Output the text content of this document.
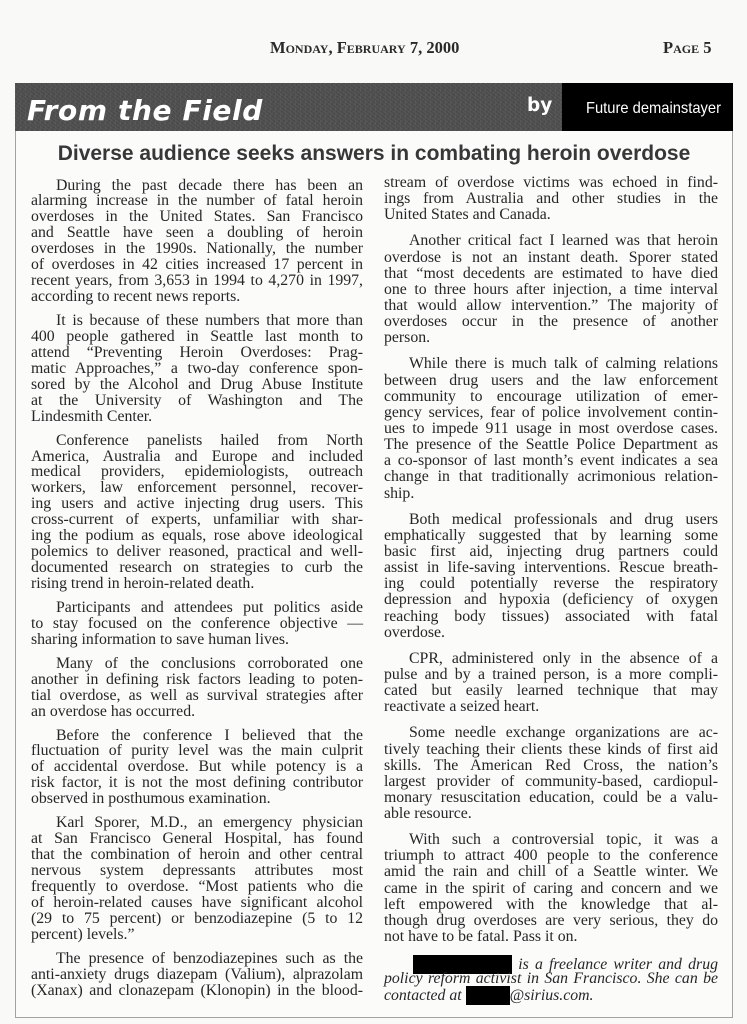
Monday, February 7, 2000	Page 5
From the Field	by Future demainstayer
Diverse audience seeks answers in combating heroin overdose
During the past decade there has been an
alarming increase in the number of fatal heroin
overdoses in the United States. San Francisco
and Seattle have seen a doubling of heroin
overdoses in the 1990s. Nationally, the number
of overdoses in 42 cities increased 17 percent in
recent years, from 3,653 in 1994 to 4,270 in 1997,
according to recent news reports.
It is because of these numbers that more than
400 people gathered in Seattle last month to
attend “Preventing Heroin Overdoses: Prag-
matic Approaches,” a two-day conference spon-
sored by the Alcohol and Drug Abuse Institute
at the University of Washington and The
Lindesmith Center.
Conference panelists hailed from North
America, Australia and Europe and included
medical providers, epidemiologists, outreach
workers, law enforcement personnel, recover-
ing users and active injecting drug users. This
cross-current of experts, unfamiliar with shar-
ing the podium as equals, rose above ideological
polemics to deliver reasoned, practical and well-
documented research on strategies to curb the
rising trend in heroin-related death.
Participants and attendees put politics aside
to stay focused on the conference objective —
sharing information to save human lives.
Many of the conclusions corroborated one
another in defining risk factors leading to poten-
tial overdose, as well as survival strategies after
an overdose has occurred.
Before the conference I believed that the
fluctuation of purity level was the main culprit
of accidental overdose. But while potency is a
risk factor, it is not the most defining contributor
observed in posthumous examination.
Karl Sporer, M.D., an emergency physician
at San Francisco General Hospital, has found
that the combination of heroin and other central
nervous system depressants attributes most
frequently to overdose. “Most patients who die
of heroin-related causes have significant alcohol
(29 to 75 percent) or benzodiazepine (5 to 12
percent) levels.”
The presence of benzodiazepines such as the
anti-anxiety drugs diazepam (Valium), alprazolam
(Xanax) and clonazepam (Klonopin) in the blood-
stream of overdose victims was echoed in find-
ings from Australia and other studies in the
United States and Canada.
Another critical fact I learned was that heroin
overdose is not an instant death. Sporer stated
that “most decedents are estimated to have died
one to three hours after injection, a time interval
that would allow intervention.” The majority of
overdoses occur in the presence of another
person.
While there is much talk of calming relations
between drug users and the law enforcement
community to encourage utilization of emer-
gency services, fear of police involvement contin-
ues to impede 911 usage in most overdose cases.
The presence of the Seattle Police Department as
a co-sponsor of last month’s event indicates a sea
change in that traditionally acrimonious relation-
ship.
Both medical professionals and drug users
emphatically suggested that by learning some
basic first aid, injecting drug partners could
assist in life-saving interventions. Rescue breath-
ing could potentially reverse the respiratory
depression and hypoxia (deficiency of oxygen
reaching body tissues) associated with fatal
overdose.
CPR, administered only in the absence of a
pulse and by a trained person, is a more compli-
cated but easily learned technique that may
reactivate a seized heart.
Some needle exchange organizations are ac-
tively teaching their clients these kinds of first aid
skills. The American Red Cross, the nation’s
largest provider of community-based, cardiopul-
monary resuscitation education, could be a valu-
able resource.
With such a controversial topic, it was a
triumph to attract 400 people to the conference
amid the rain and chill of a Seattle winter. We
came in the spirit of caring and concern and we
left empowered with the knowledge that al-
though drug overdoses are very serious, they do
not have to be fatal. Pass it on.
is a freelance writer and drug
policy reform activist in San Francisco. She can be
contacted at	@sirius.com.
